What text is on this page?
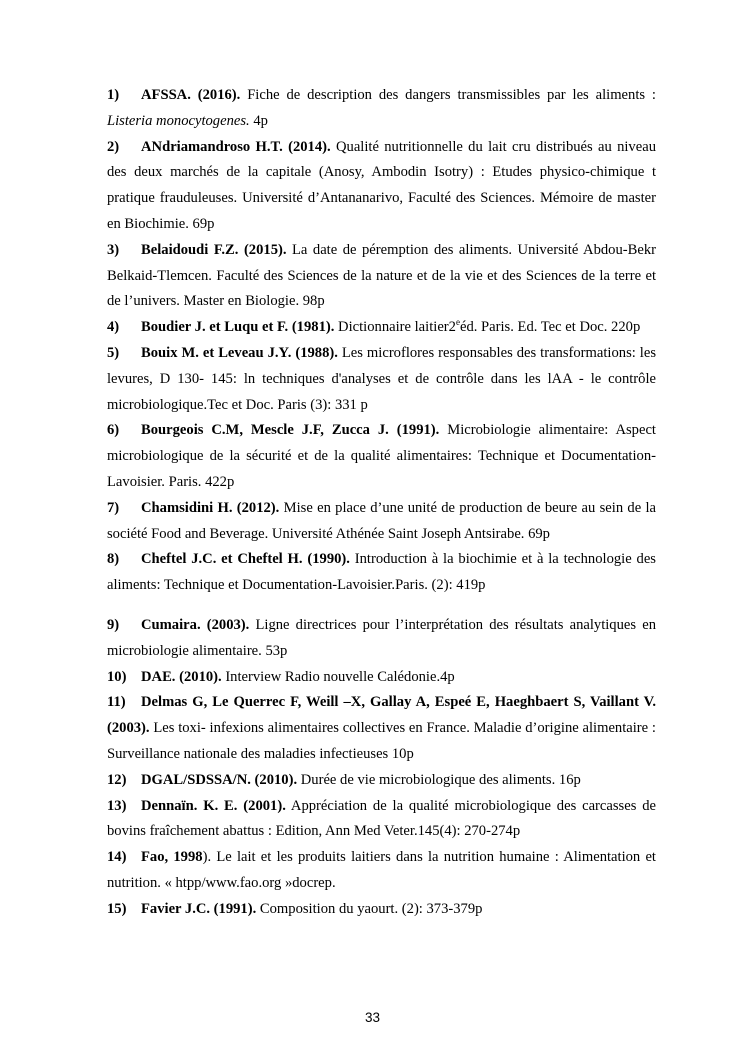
1) AFSSA. (2016). Fiche de description des dangers transmissibles par les aliments : Listeria monocytogenes. 4p

2) ANdriamandroso H.T. (2014). Qualité nutritionnelle du lait cru distribués au niveau des deux marchés de la capitale (Anosy, Ambodin Isotry) : Etudes physico-chimique t pratique frauduleuses. Université d’Antananarivo, Faculté des Sciences. Mémoire de master en Biochimie. 69p

3) Belaidoudi F.Z. (2015). La date de péremption des aliments. Université Abdou-Bekr Belkaid-Tlemcen. Faculté des Sciences de la nature et de la vie et des Sciences de la terre et de l’univers. Master en Biologie. 98p

4) Boudier J. et Luqu et F. (1981). Dictionnaire laitier2eéd. Paris. Ed. Tec et Doc. 220p

5) Bouix M. et Leveau J.Y. (1988). Les microflores responsables des transformations: les levures, D 130- 145: ln techniques d'analyses et de contrôle dans les lAA - le contrôle microbiologique.Tec et Doc. Paris (3): 331 p

6) Bourgeois C.M, Mescle J.F, Zucca J. (1991). Microbiologie alimentaire: Aspect microbiologique de la sécurité et de la qualité alimentaires: Technique et Documentation-Lavoisier. Paris. 422p

7) Chamsidini H. (2012). Mise en place d’une unité de production de beure au sein de la société Food and Beverage. Université Athénée Saint Joseph Antsirabe. 69p

8) Cheftel J.C. et Cheftel H. (1990). Introduction à la biochimie et à la technologie des aliments: Technique et Documentation-Lavoisier.Paris. (2): 419p

9) Cumaira. (2003). Ligne directrices pour l’interprétation des résultats analytiques en microbiologie alimentaire. 53p

10) DAE. (2010). Interview Radio nouvelle Calédonie.4p

11) Delmas G, Le Querrec F, Weill –X, Gallay A, Espeé E, Haeghbaert S, Vaillant V. (2003). Les toxi- infexions alimentaires collectives en France. Maladie d’origine alimentaire : Surveillance nationale des maladies infectieuses 10p

12) DGAL/SDSSA/N. (2010). Durée de vie microbiologique des aliments. 16p

13) Dennaïn. K. E. (2001). Appréciation de la qualité microbiologique des carcasses de bovins fraîchement abattus : Edition, Ann Med Veter.145(4): 270-274p

14) Fao, 1998). Le lait et les produits laitiers dans la nutrition humaine : Alimentation et nutrition. « htpp/www.fao.org »docrep.

15) Favier J.C. (1991). Composition du yaourt. (2): 373-379p

33
